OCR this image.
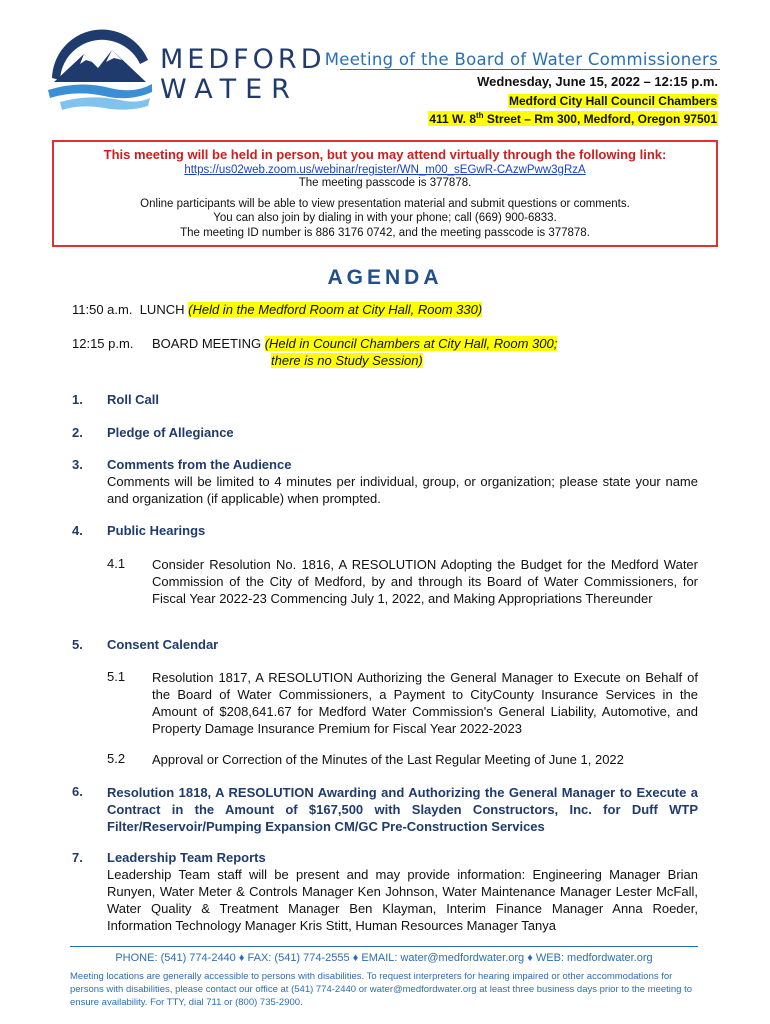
MEDFORD
WATER
Meeting of the Board of Water Commissioners
Wednesday, June 15, 2022 – 12:15 p.m.
Medford City Hall Council Chambers
411 W. 8th Street – Rm 300, Medford, Oregon 97501
This meeting will be held in person, but you may attend virtually through the following link:
https://us02web.zoom.us/webinar/register/WN_m00_sEGwR-CAzwPww3gRzA
The meeting passcode is 377878.
Online participants will be able to view presentation material and submit questions or comments.
You can also join by dialing in with your phone; call (669) 900-6833.
The meeting ID number is 886 3176 0742, and the meeting passcode is 377878.
AGENDA
11:50 a.m. LUNCH (Held in the Medford Room at City Hall, Room 330)
12:15 p.m. BOARD MEETING (Held in Council Chambers at City Hall, Room 300;
there is no Study Session)
1. Roll Call
2. Pledge of Allegiance
3. Comments from the Audience
Comments will be limited to 4 minutes per individual, group, or organization; please state your name and organization (if applicable) when prompted.
4. Public Hearings
4.1 Consider Resolution No. 1816, A RESOLUTION Adopting the Budget for the Medford Water Commission of the City of Medford, by and through its Board of Water Commissioners, for Fiscal Year 2022-23 Commencing July 1, 2022, and Making Appropriations Thereunder
5. Consent Calendar
5.1 Resolution 1817, A RESOLUTION Authorizing the General Manager to Execute on Behalf of the Board of Water Commissioners, a Payment to CityCounty Insurance Services in the Amount of $208,641.67 for Medford Water Commission's General Liability, Automotive, and Property Damage Insurance Premium for Fiscal Year 2022-2023
5.2 Approval or Correction of the Minutes of the Last Regular Meeting of June 1, 2022
6. Resolution 1818, A RESOLUTION Awarding and Authorizing the General Manager to Execute a Contract in the Amount of $167,500 with Slayden Constructors, Inc. for Duff WTP Filter/Reservoir/Pumping Expansion CM/GC Pre-Construction Services
7. Leadership Team Reports
Leadership Team staff will be present and may provide information: Engineering Manager Brian Runyen, Water Meter & Controls Manager Ken Johnson, Water Maintenance Manager Lester McFall, Water Quality & Treatment Manager Ben Klayman, Interim Finance Manager Anna Roeder, Information Technology Manager Kris Stitt, Human Resources Manager Tanya
PHONE: (541) 774-2440 ♦ FAX: (541) 774-2555 ♦ EMAIL: water@medfordwater.org ♦ WEB: medfordwater.org
Meeting locations are generally accessible to persons with disabilities. To request interpreters for hearing impaired or other accommodations for persons with disabilities, please contact our office at (541) 774-2440 or water@medfordwater.org at least three business days prior to the meeting to ensure availability. For TTY, dial 711 or (800) 735-2900.
